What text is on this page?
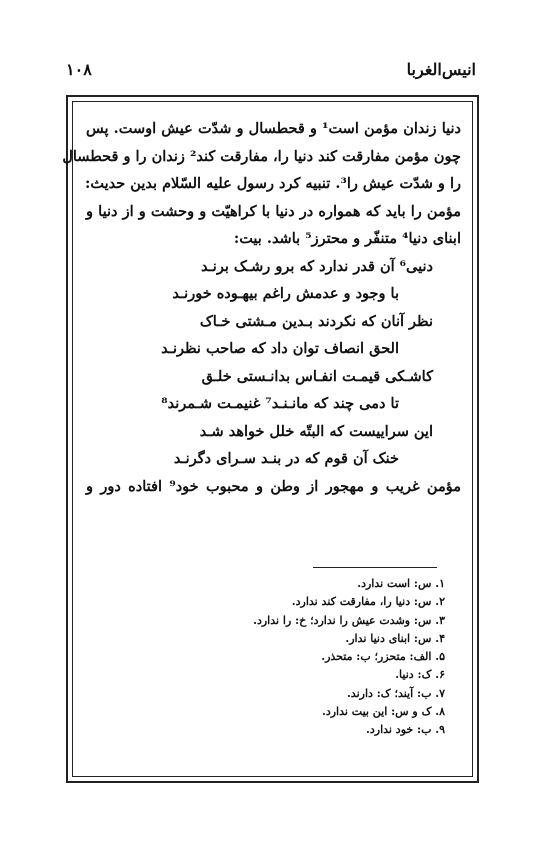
انیس‌الغربا
۱۰۸
دنیا زندان مؤمن است¹ و قحطسال و شدّت عیش اوست. پس
چون مؤمن مفارقت کند دنیا را، مفارقت کند² زندان را و قحطسال
را و شدّت عیش را³. تنبیه کرد رسول علیه السّلام بدین حدیث:
مؤمن را باید که همواره در دنیا با کراهیّت و وحشت و از دنیا و
ابنای دنیا⁴ متنفّر و محترز⁵ باشد. بیت:
دنیی⁶ آن قدر ندارد که برو رشـک برنـد
با وجود و عدمش راغم بیهـوده خورنـد
نظر آنان که نکردند بـدین مـشتی خـاک
الحق انصاف توان داد که صاحب نظرنـد
کاشـکی قیمـت انفـاس بدانـستی خلـق
تا دمی چند که مانـنـد⁷ غنیمـت شـمرند⁸
این سراییست که البتّه خلل خواهد شـد
خنک آن قوم که در بنـد سـرای دگرنـد
مؤمن غریب و مهجور از وطن و محبوب خود⁹ افتاده دور و
۱. س: است ندارد.
۲. س: دنیا را، مفارقت کند ندارد.
۳. س: وشدت عیش را ندارد؛ خ: را ندارد.
۴. س: ابنای دنیا ندار.
۵. الف: متحزر؛ ب: متحذر.
۶. ک: دنیا.
۷. ب: آیند؛ ک: دارند.
۸. ک و س: این بیت ندارد.
۹. ب: خود ندارد.
